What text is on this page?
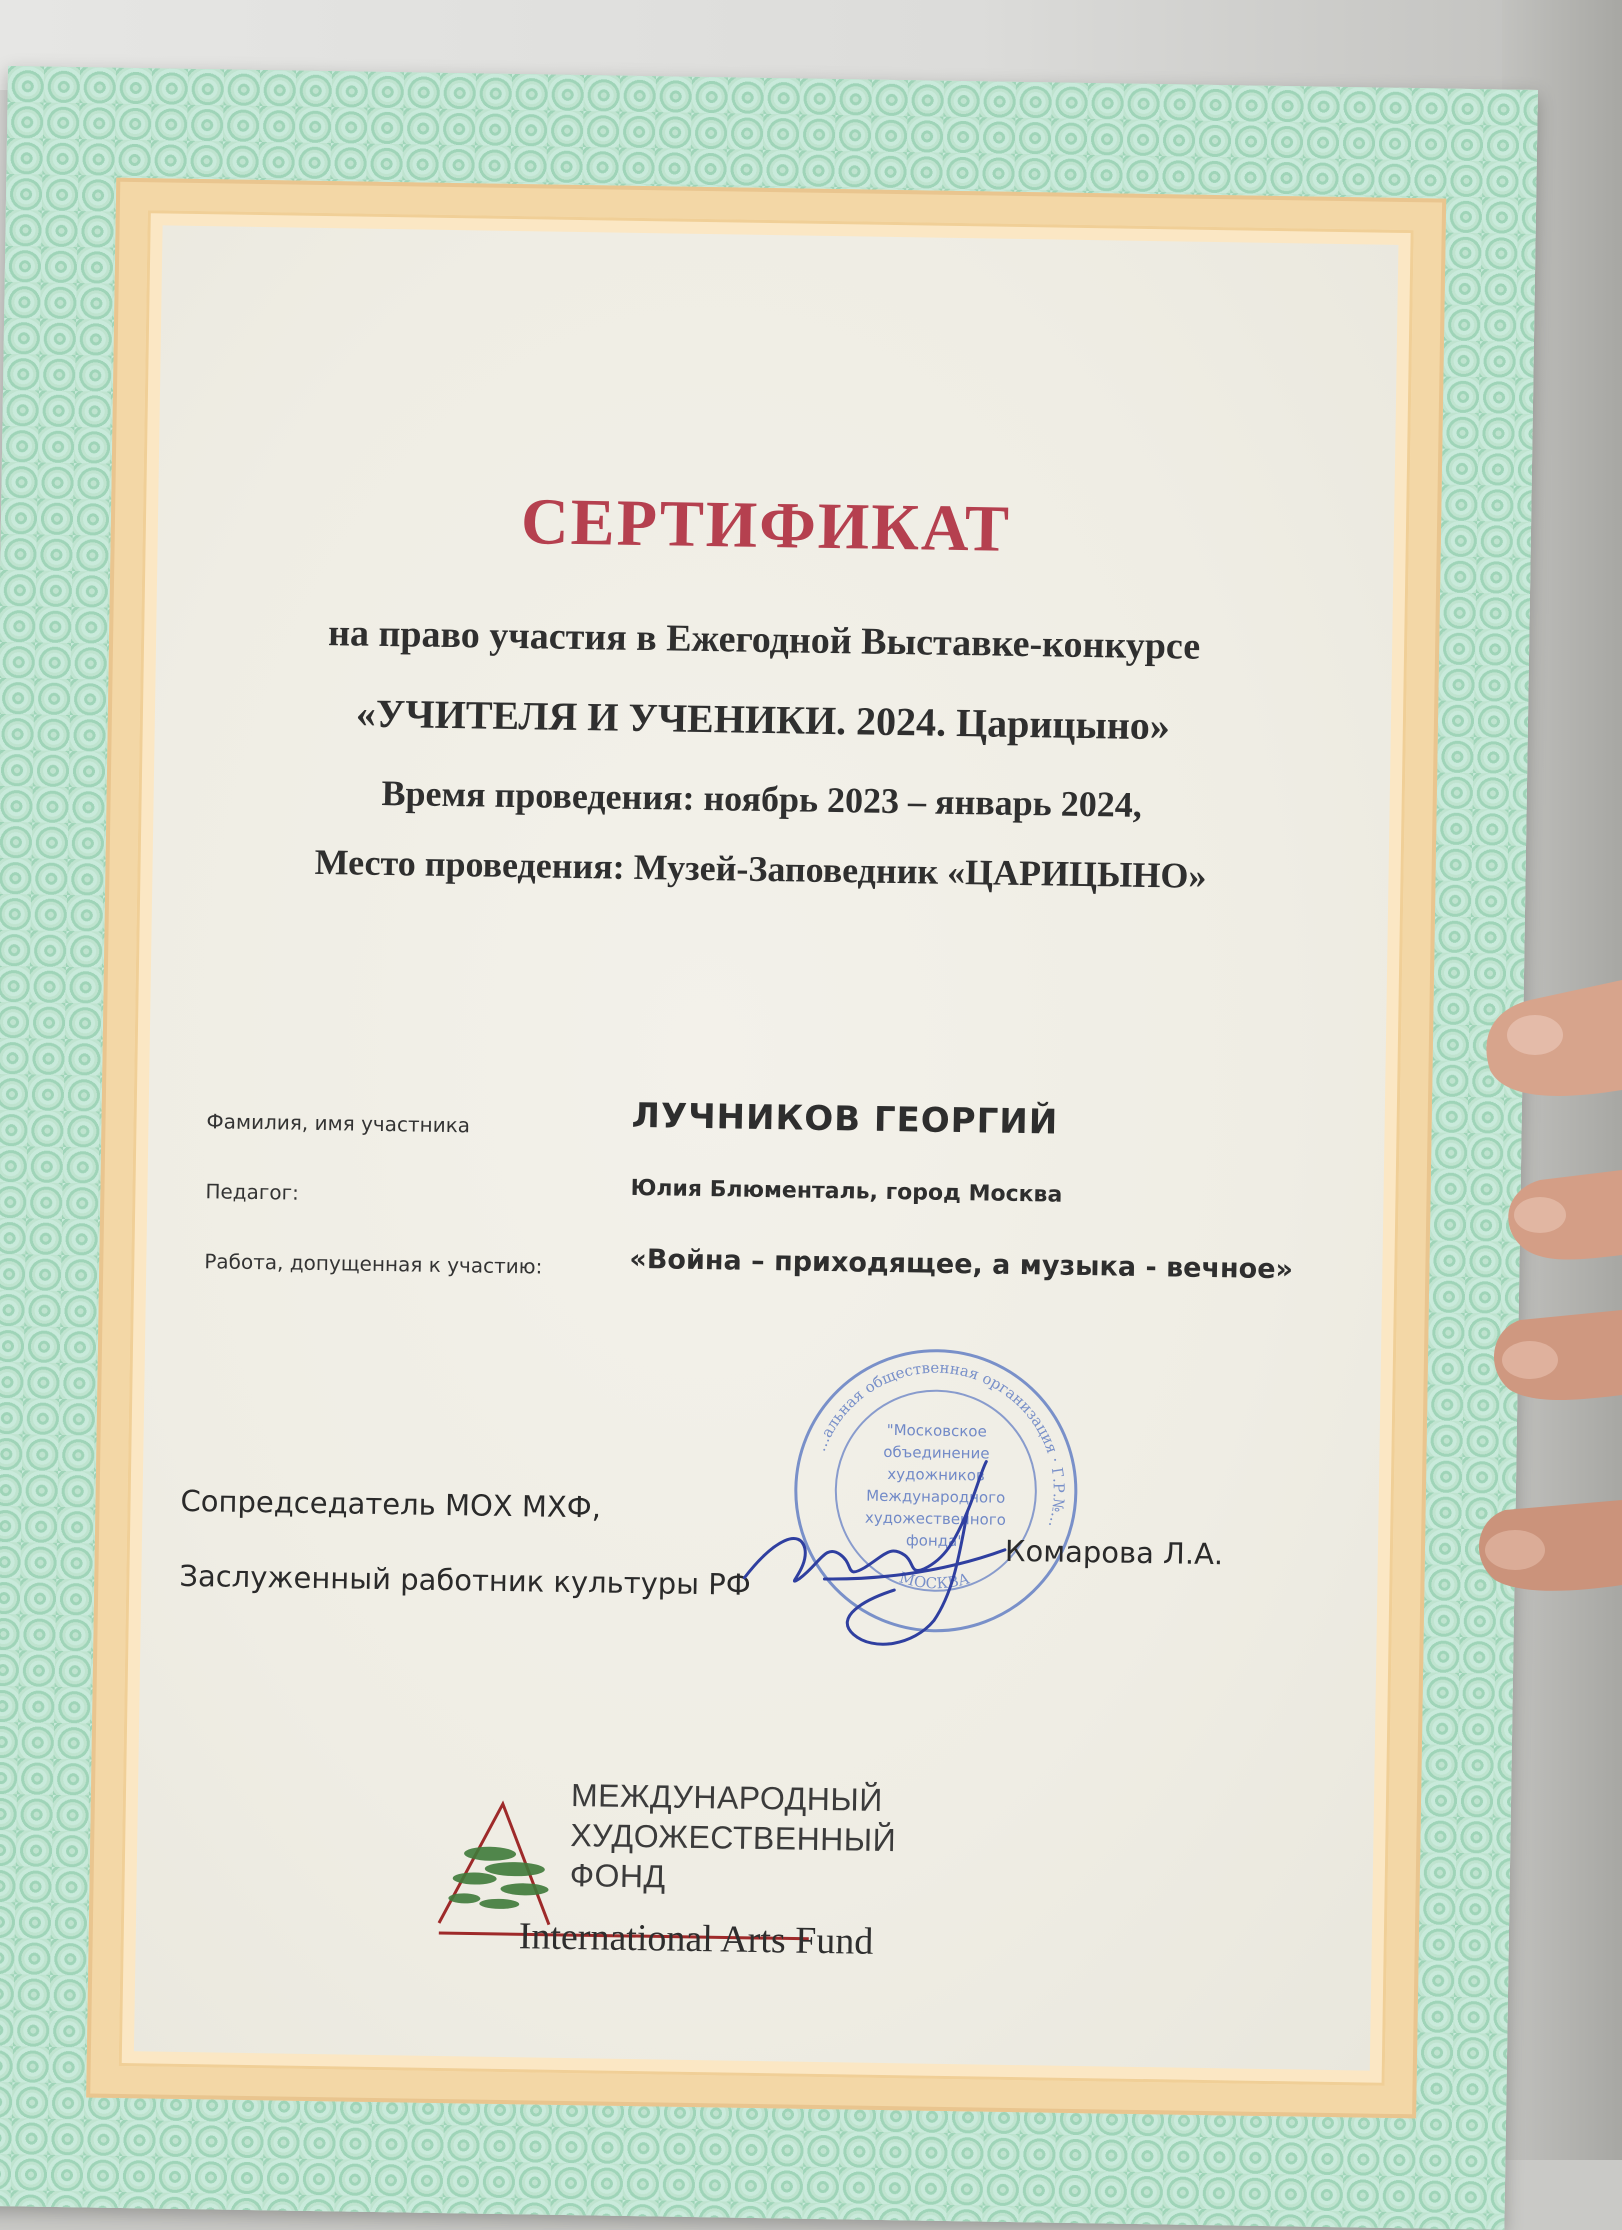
СЕРТИФИКАТ
на право участия в Ежегодной Выставке-конкурсе
«УЧИТЕЛЯ И УЧЕНИКИ. 2024. Царицыно»
Время проведения: ноябрь 2023 – январь 2024,
Место проведения: Музей-Заповедник «ЦАРИЦЫНО»
Фамилия, имя участника	ЛУЧНИКОВ ГЕОРГИЙ
Педагог:	Юлия Блюменталь, город Москва
Работа, допущенная к участию:	«Война – приходящее, а музыка - вечное»
Сопредседатель МОХ МХФ,
Заслуженный работник культуры РФ
…альная общественная организация · Г.Р.№…
"Московское
объединение
художников
Международного
художественного
фонда"
МОСКВА
Комарова Л.А.
МЕЖДУНАРОДНЫЙ
ХУДОЖЕСТВЕННЫЙ
ФОНД
International Arts Fund
